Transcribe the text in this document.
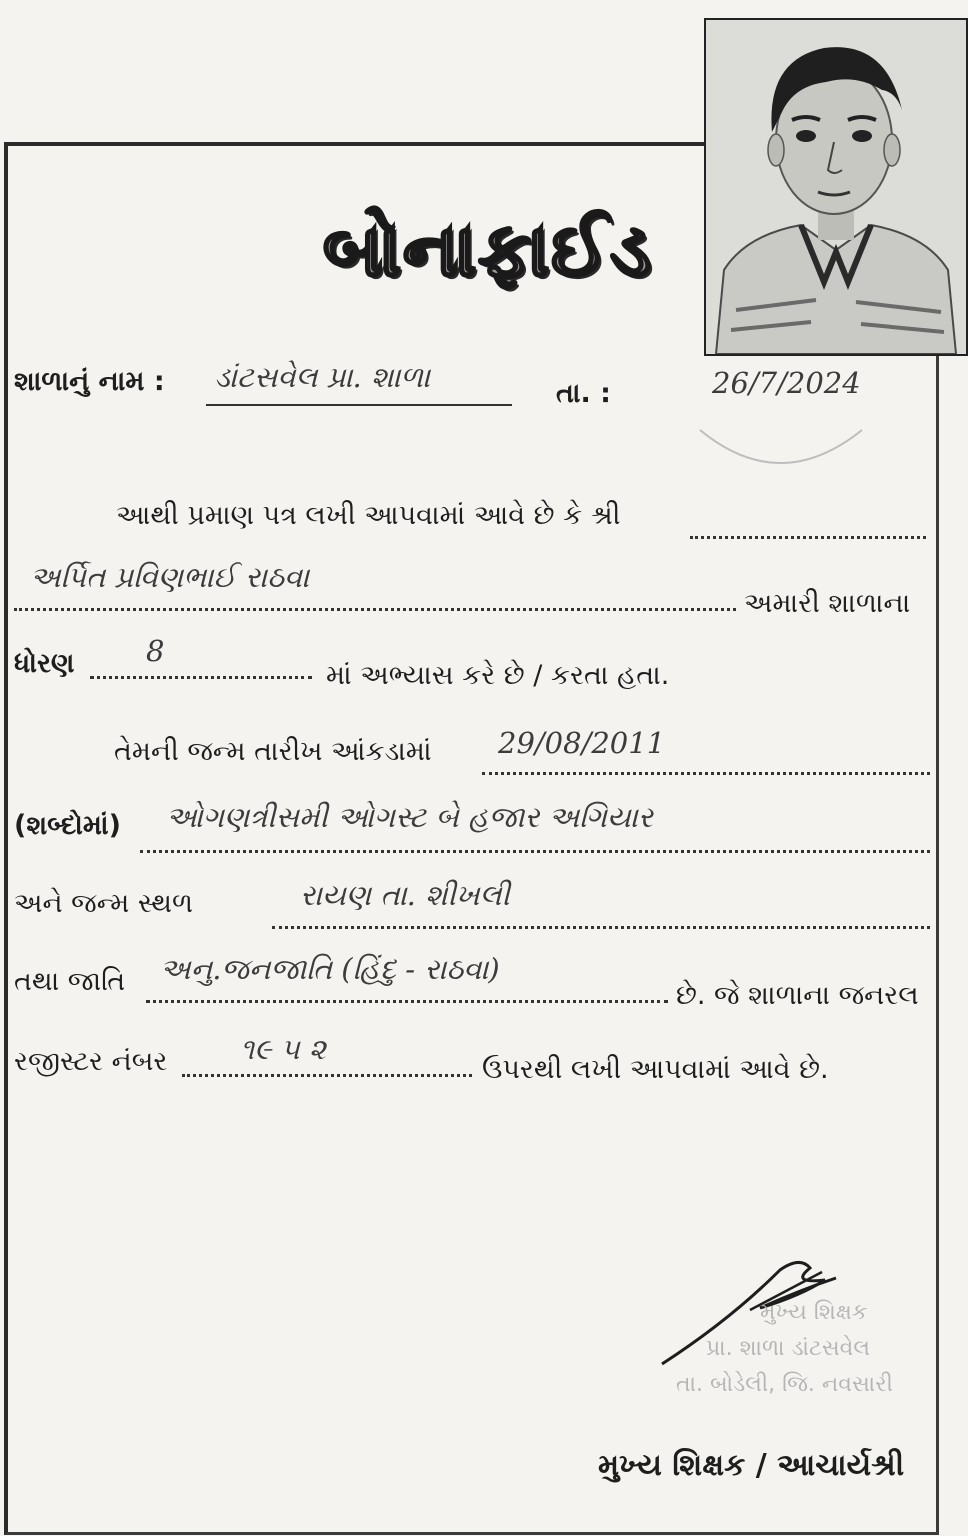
બોનાફાઈડ
શાળાનું નામ : ડાંટસવેલ પ્રા. શાળા	તા. :	26/7/2024
આથી પ્રમાણ પત્ર લખી આપવામાં આવે છે કે શ્રી
અર્પિત પ્રવિણભાઈ રાઠવા
અમારી શાળાના
ધોરણ 8
માં અભ્યાસ કરે છે / કરતા હતા.
તેમની જન્મ તારીખ આંકડામાં 29/08/2011
(શબ્દોમાં) ઓગણત્રીસમી ઓગસ્ટ બે હજાર અગિયાર
અને જન્મ સ્થળ	રાયણ તા. શીખલી
તથા જાતિ અનુ.જનજાતિ (હિંદુ - રાઠવા)
છે. જે શાળાના જનરલ
રજીસ્ટર નંબર	૧૯ ૫ ૨
ઉપરથી લખી આપવામાં આવે છે.
મુખ્ય શિક્ષક
પ્રા. શાળા ડાંટસવેલ
તા. બોડેલી, જિ. નવસારી
મુખ્ય શિક્ષક / આચાર્યશ્રી
